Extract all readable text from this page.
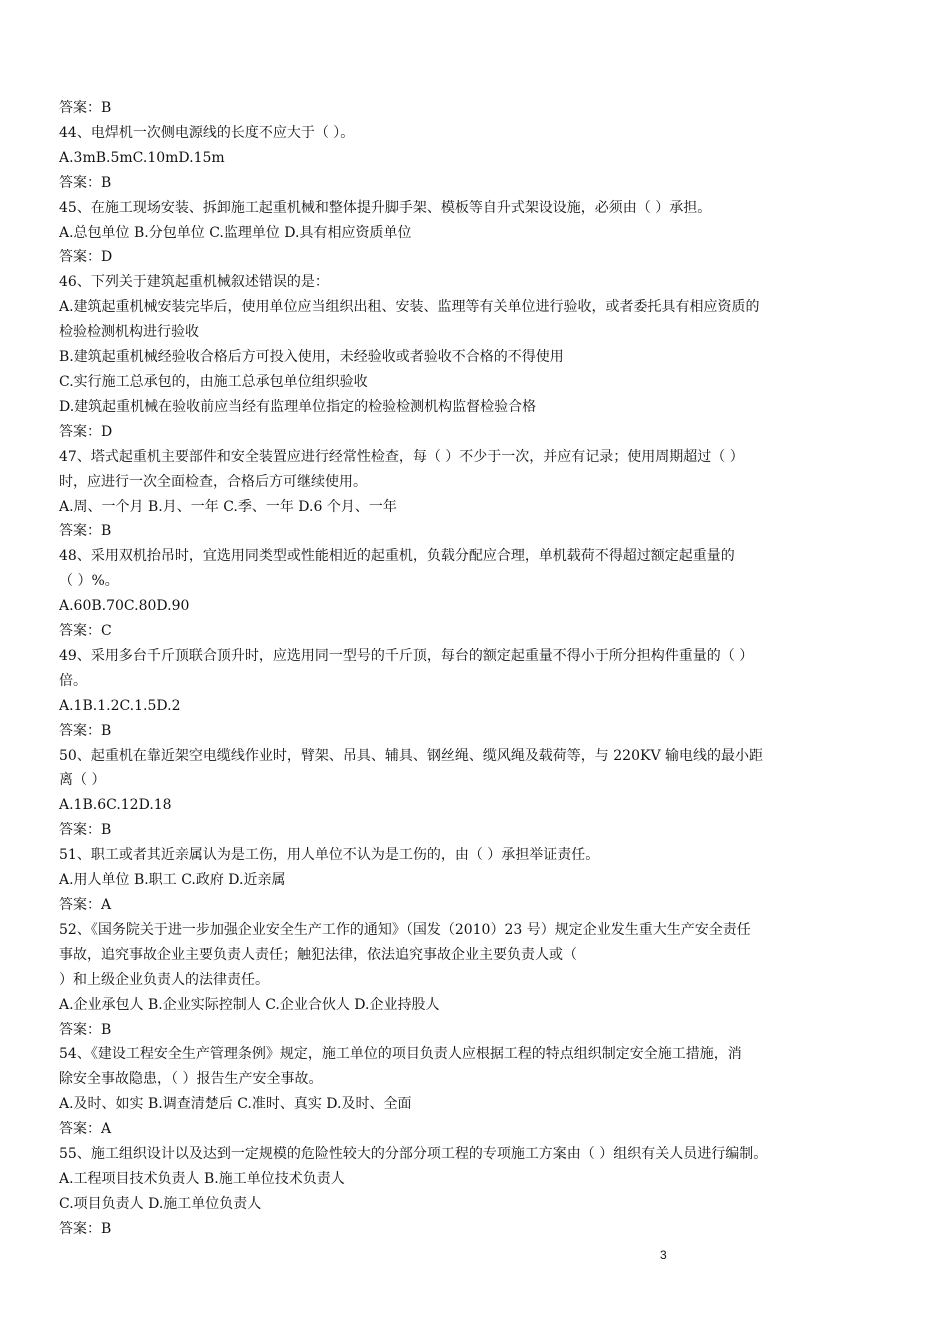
答案：B
44、电焊机一次侧电源线的长度不应大于（ ）。
A.3mB.5mC.10mD.15m
答案：B
45、在施工现场安装、拆卸施工起重机械和整体提升脚手架、模板等自升式架设设施，必须由（ ）承担。
A.总包单位 B.分包单位 C.监理单位 D.具有相应资质单位
答案：D
46、下列关于建筑起重机械叙述错误的是：
A.建筑起重机械安装完毕后，使用单位应当组织出租、安装、监理等有关单位进行验收，或者委托具有相应资质的
检验检测机构进行验收
B.建筑起重机械经验收合格后方可投入使用，未经验收或者验收不合格的不得使用
C.实行施工总承包的，由施工总承包单位组织验收
D.建筑起重机械在验收前应当经有监理单位指定的检验检测机构监督检验合格
答案：D
47、塔式起重机主要部件和安全装置应进行经常性检查，每（ ）不少于一次，并应有记录；使用周期超过（ ）
时，应进行一次全面检查，合格后方可继续使用。
A.周、一个月 B.月、一年 C.季、一年 D.6 个月、一年
答案：B
48、采用双机抬吊时，宜选用同类型或性能相近的起重机，负载分配应合理，单机载荷不得超过额定起重量的
（ ）%。
A.60B.70C.80D.90
答案：C
49、采用多台千斤顶联合顶升时，应选用同一型号的千斤顶，每台的额定起重量不得小于所分担构件重量的（ ）
倍。
A.1B.1.2C.1.5D.2
答案：B
50、起重机在靠近架空电缆线作业时，臂架、吊具、辅具、钢丝绳、缆风绳及载荷等，与 220KV 输电线的最小距
离（ ）
A.1B.6C.12D.18
答案：B
51、职工或者其近亲属认为是工伤，用人单位不认为是工伤的，由（ ）承担举证责任。
A.用人单位 B.职工 C.政府 D.近亲属
答案：A
52、《国务院关于进一步加强企业安全生产工作的通知》（国发（2010）23 号）规定企业发生重大生产安全责任
事故，追究事故企业主要负责人责任；触犯法律，依法追究事故企业主要负责人或（
）和上级企业负责人的法律责任。
A.企业承包人 B.企业实际控制人 C.企业合伙人 D.企业持股人
答案：B
54、《建设工程安全生产管理条例》规定，施工单位的项目负责人应根据工程的特点组织制定安全施工措施，消
除安全事故隐患，（ ）报告生产安全事故。
A.及时、如实 B.调查清楚后 C.准时、真实 D.及时、全面
答案：A
55、施工组织设计以及达到一定规模的危险性较大的分部分项工程的专项施工方案由（ ）组织有关人员进行编制。
A.工程项目技术负责人 B.施工单位技术负责人
C.项目负责人 D.施工单位负责人
答案：B
3
